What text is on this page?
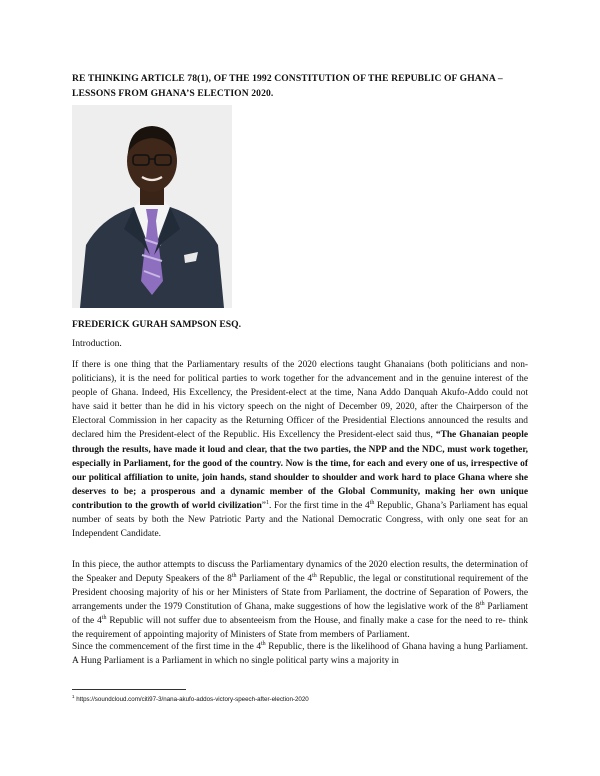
RE THINKING ARTICLE 78(1), OF THE 1992 CONSTITUTION OF THE REPUBLIC OF GHANA – LESSONS FROM GHANA’S ELECTION 2020.
FREDERICK GURAH SAMPSON ESQ.
Introduction.
If there is one thing that the Parliamentary results of the 2020 elections taught Ghanaians (both politicians and non-politicians), it is the need for political parties to work together for the advancement and in the genuine interest of the people of Ghana. Indeed, His Excellency, the President-elect at the time, Nana Addo Danquah Akufo-Addo could not have said it better than he did in his victory speech on the night of December 09, 2020, after the Chairperson of the Electoral Commission in her capacity as the Returning Officer of the Presidential Elections announced the results and declared him the President-elect of the Republic. His Excellency the President-elect said thus, “The Ghanaian people through the results, have made it loud and clear, that the two parties, the NPP and the NDC, must work together, especially in Parliament, for the good of the country. Now is the time, for each and every one of us, irrespective of our political affiliation to unite, join hands, stand shoulder to shoulder and work hard to place Ghana where she deserves to be; a prosperous and a dynamic member of the Global Community, making her own unique contribution to the growth of world civilization”$^1$. For the first time in the 4th Republic, Ghana’s Parliament has equal number of seats by both the New Patriotic Party and the National Democratic Congress, with only one seat for an Independent Candidate.
In this piece, the author attempts to discuss the Parliamentary dynamics of the 2020 election results, the determination of the Speaker and Deputy Speakers of the 8th Parliament of the 4th Republic, the legal or constitutional requirement of the President choosing majority of his or her Ministers of State from Parliament, the doctrine of Separation of Powers, the arrangements under the 1979 Constitution of Ghana, make suggestions of how the legislative work of the 8th Parliament of the 4th Republic will not suffer due to absenteeism from the House, and finally make a case for the need to re- think the requirement of appointing majority of Ministers of State from members of Parliament.
Since the commencement of the first time in the 4th Republic, there is the likelihood of Ghana having a hung Parliament. A Hung Parliament is a Parliament in which no single political party wins a majority in
$^1$ https://soundcloud.com/citi97-3/nana-akufo-addos-victory-speech-after-election-2020
